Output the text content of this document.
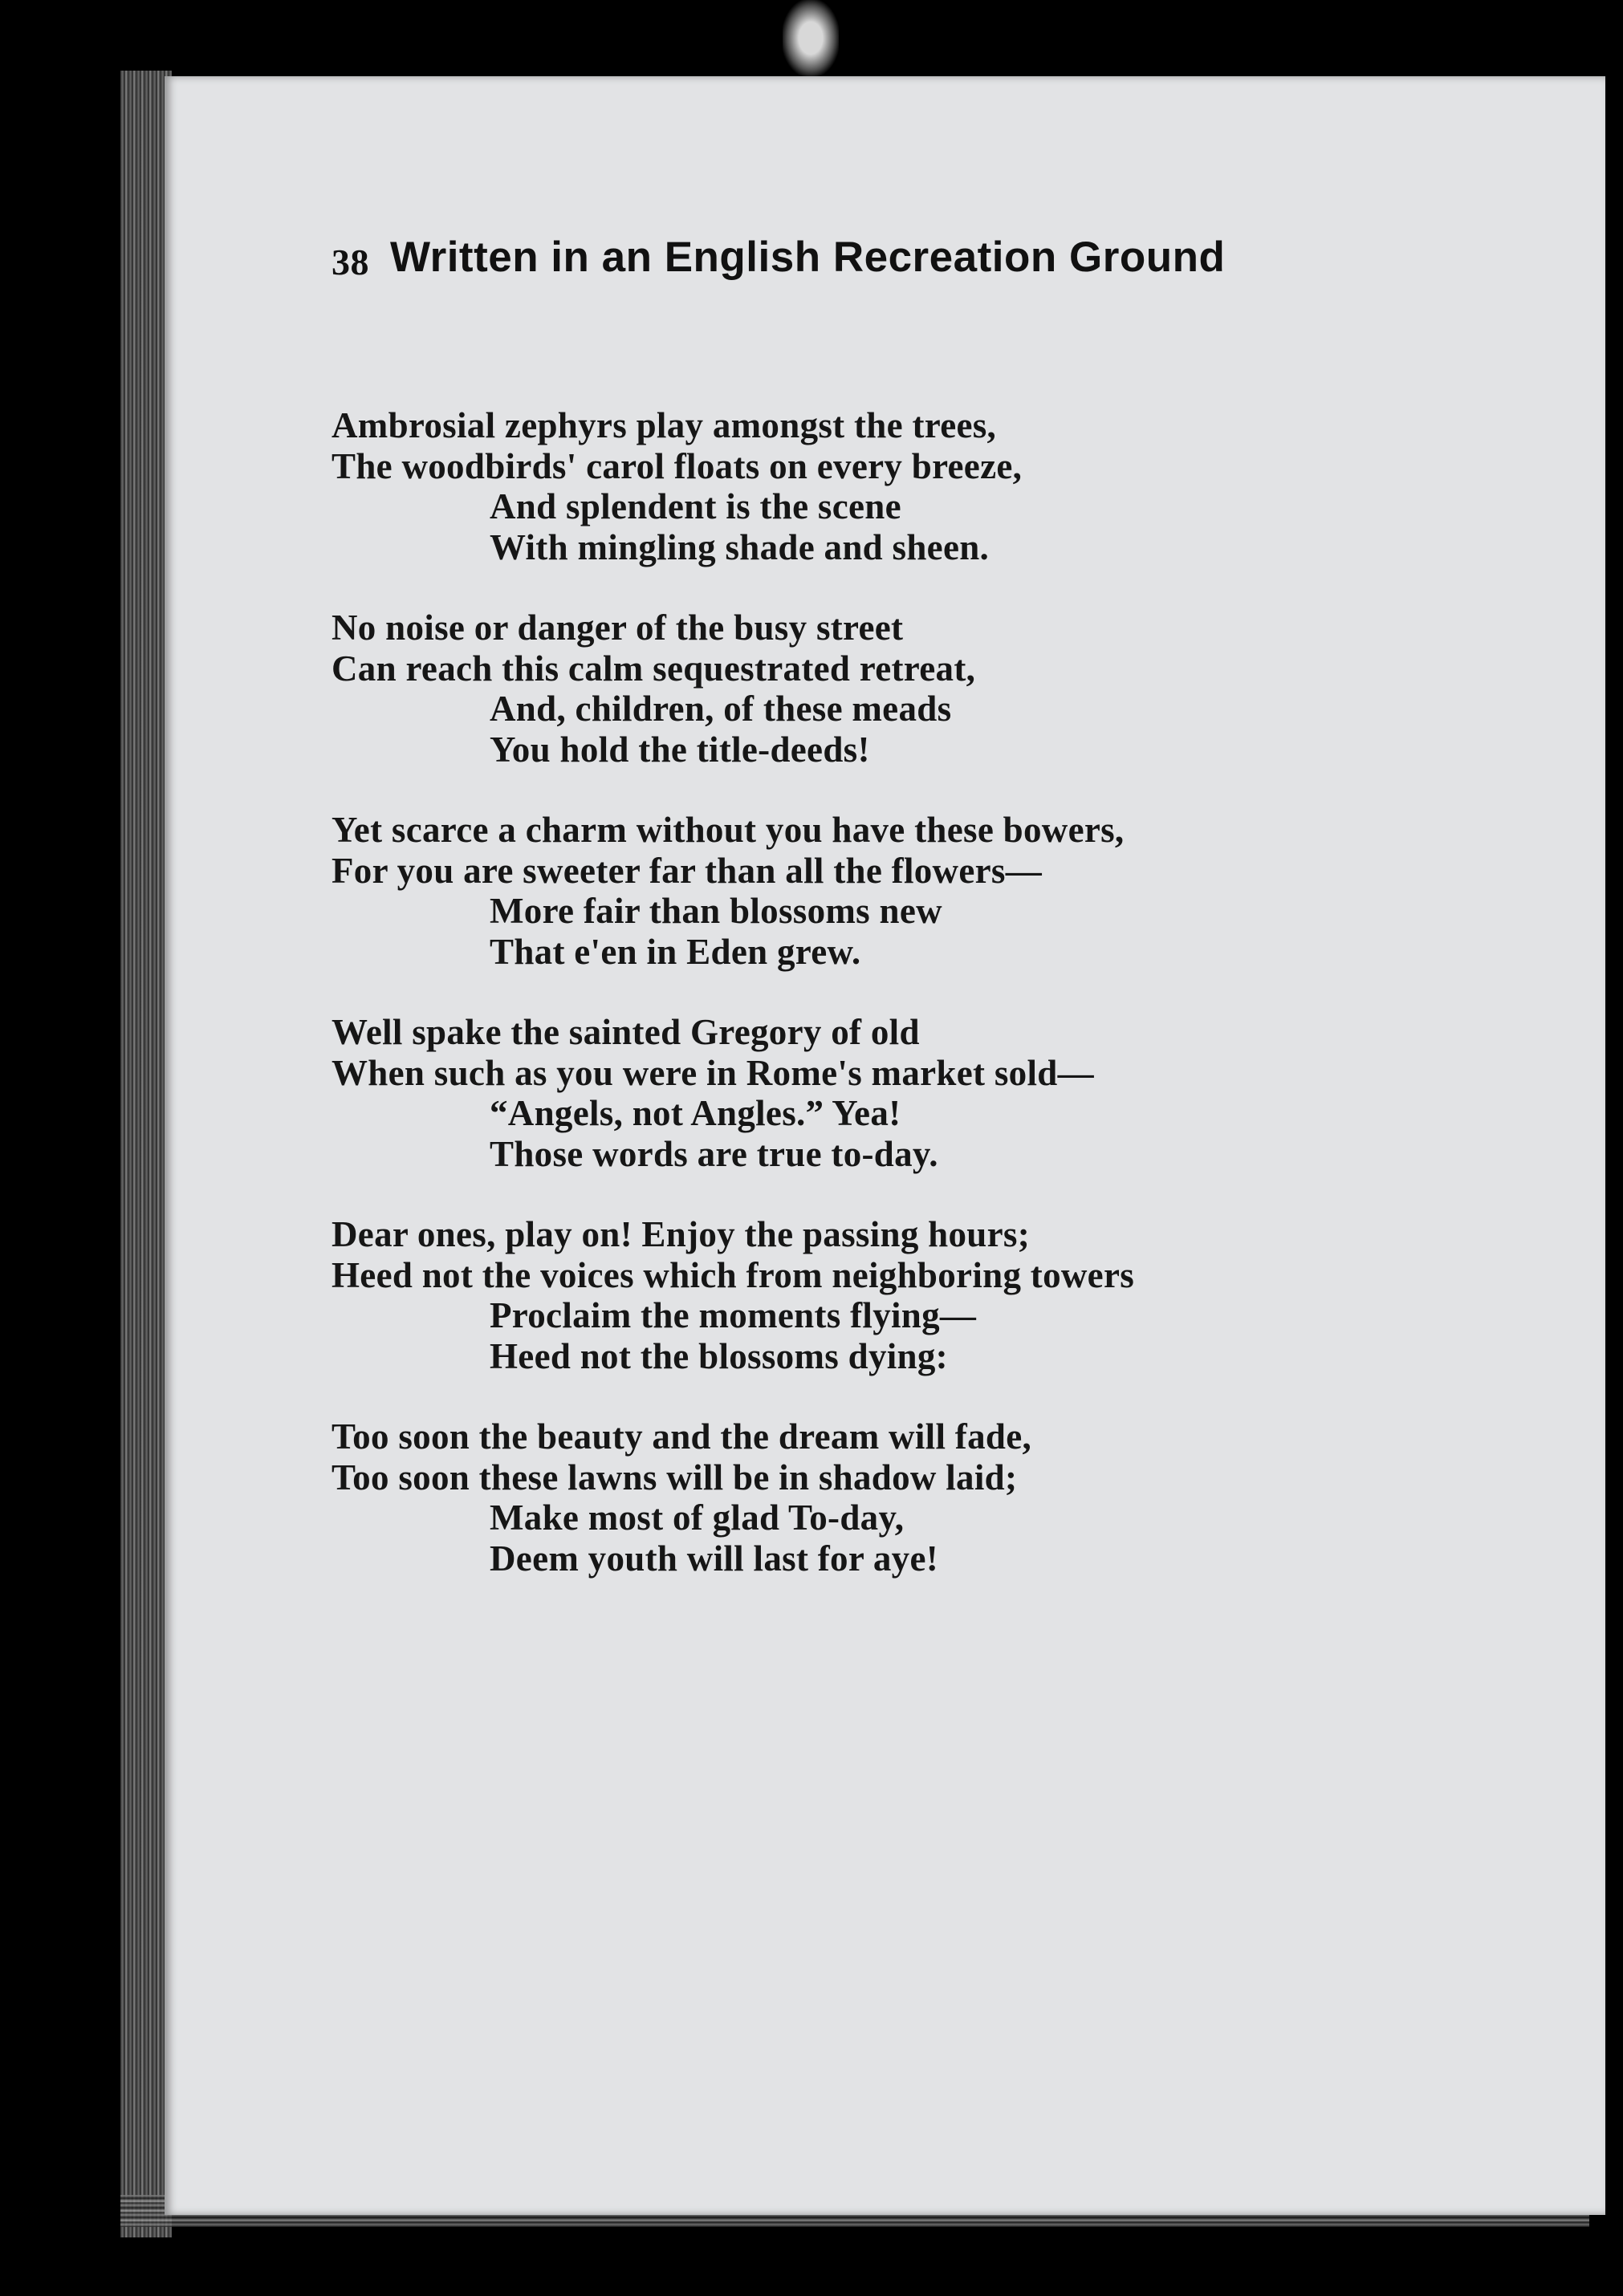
38 Written in an English Recreation Ground
Ambrosial zephyrs play amongst the trees,
The woodbirds' carol floats on every breeze,
And splendent is the scene
With mingling shade and sheen.
No noise or danger of the busy street
Can reach this calm sequestrated retreat,
And, children, of these meads
You hold the title-deeds!
Yet scarce a charm without you have these bowers,
For you are sweeter far than all the flowers—
More fair than blossoms new
That e'en in Eden grew.
Well spake the sainted Gregory of old
When such as you were in Rome's market sold—
“Angels, not Angles.” Yea!
Those words are true to-day.
Dear ones, play on! Enjoy the passing hours;
Heed not the voices which from neighboring towers
Proclaim the moments flying—
Heed not the blossoms dying:
Too soon the beauty and the dream will fade,
Too soon these lawns will be in shadow laid;
Make most of glad To-day,
Deem youth will last for aye!
